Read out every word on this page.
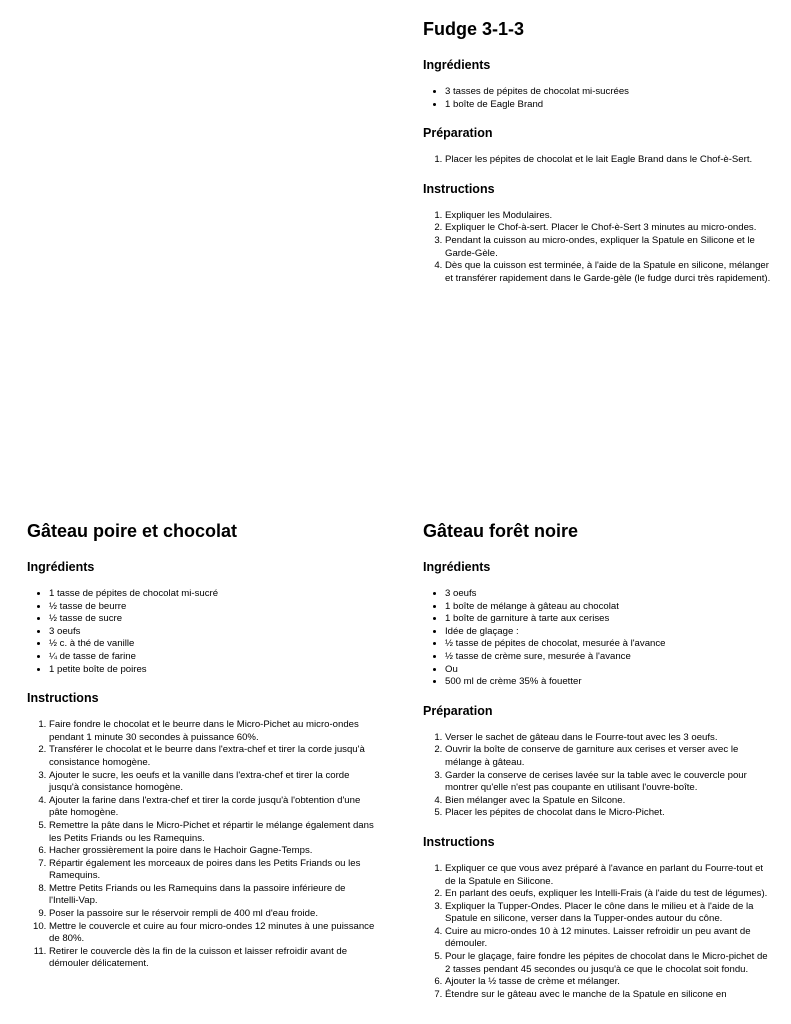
Fudge 3-1-3
Ingrédients
• 3 tasses de pépites de chocolat mi-sucrées
• 1 boîte de Eagle Brand
Préparation
1. Placer les pépites de chocolat et le lait Eagle Brand dans le Chof-è-Sert.
Instructions
1. Expliquer les Modulaires.
2. Expliquer le Chof-à-sert. Placer le Chof-è-Sert 3 minutes au micro-ondes.
3. Pendant la cuisson au micro-ondes, expliquer la Spatule en Silicone et le Garde-Gèle.
4. Dès que la cuisson est terminée, à l'aide de la Spatule en silicone, mélanger et transférer rapidement dans le Garde-gèle (le fudge durci très rapidement).
Gâteau poire et chocolat
Ingrédients
• 1 tasse de pépites de chocolat mi-sucré
• ½ tasse de beurre
• ½ tasse de sucre
• 3 oeufs
• ½ c. à thé de vanille
• ¼ de tasse de farine
• 1 petite boîte de poires
Instructions
1. Faire fondre le chocolat et le beurre dans le Micro-Pichet au micro-ondes pendant 1 minute 30 secondes à puissance 60%.
2. Transférer le chocolat et le beurre dans l'extra-chef et tirer la corde jusqu'à consistance homogène.
3. Ajouter le sucre, les oeufs et la vanille dans l'extra-chef et tirer la corde jusqu'à consistance homogène.
4. Ajouter la farine dans l'extra-chef et tirer la corde jusqu'à l'obtention d'une pâte homogène.
5. Remettre la pâte dans le Micro-Pichet et répartir le mélange également dans les Petits Friands ou les Ramequins.
6. Hacher grossièrement la poire dans le Hachoir Gagne-Temps.
7. Répartir également les morceaux de poires dans les Petits Friands ou les Ramequins.
8. Mettre Petits Friands ou les Ramequins dans la passoire inférieure de l'Intelli-Vap.
9. Poser la passoire sur le réservoir rempli de 400 ml d'eau froide.
10. Mettre le couvercle et cuire au four micro-ondes 12 minutes à une puissance de 80%.
11. Retirer le couvercle dès la fin de la cuisson et laisser refroidir avant de démouler délicatement.
Gâteau forêt noire
Ingrédients
• 3 oeufs
• 1 boîte de mélange à gâteau au chocolat
• 1 boîte de garniture à tarte aux cerises
• Idée de glaçage :
• ½ tasse de pépites de chocolat, mesurée à l'avance
• ½ tasse de crème sure, mesurée à l'avance
• Ou
• 500 ml de crème 35% à fouetter
Préparation
1. Verser le sachet de gâteau dans le Fourre-tout avec les 3 oeufs.
2. Ouvrir la boîte de conserve de garniture aux cerises et verser avec le mélange à gâteau.
3. Garder la conserve de cerises lavée sur la table avec le couvercle pour montrer qu'elle n'est pas coupante en utilisant l'ouvre-boîte.
4. Bien mélanger avec la Spatule en Silcone.
5. Placer les pépites de chocolat dans le Micro-Pichet.
Instructions
1. Expliquer ce que vous avez préparé à l'avance en parlant du Fourre-tout et de la Spatule en Silicone.
2. En parlant des oeufs, expliquer les Intelli-Frais (à l'aide du test de légumes).
3. Expliquer la Tupper-Ondes. Placer le cône dans le milieu et à l'aide de la Spatule en silicone, verser dans la Tupper-ondes autour du cône.
4. Cuire au micro-ondes 10 à 12 minutes. Laisser refroidir un peu avant de démouler.
5. Pour le glaçage, faire fondre les pépites de chocolat dans le Micro-pichet de 2 tasses pendant 45 secondes ou jusqu'à ce que le chocolat soit fondu.
6. Ajouter la ½ tasse de crème et mélanger.
7. Étendre sur le gâteau avec le manche de la Spatule en silicone en
